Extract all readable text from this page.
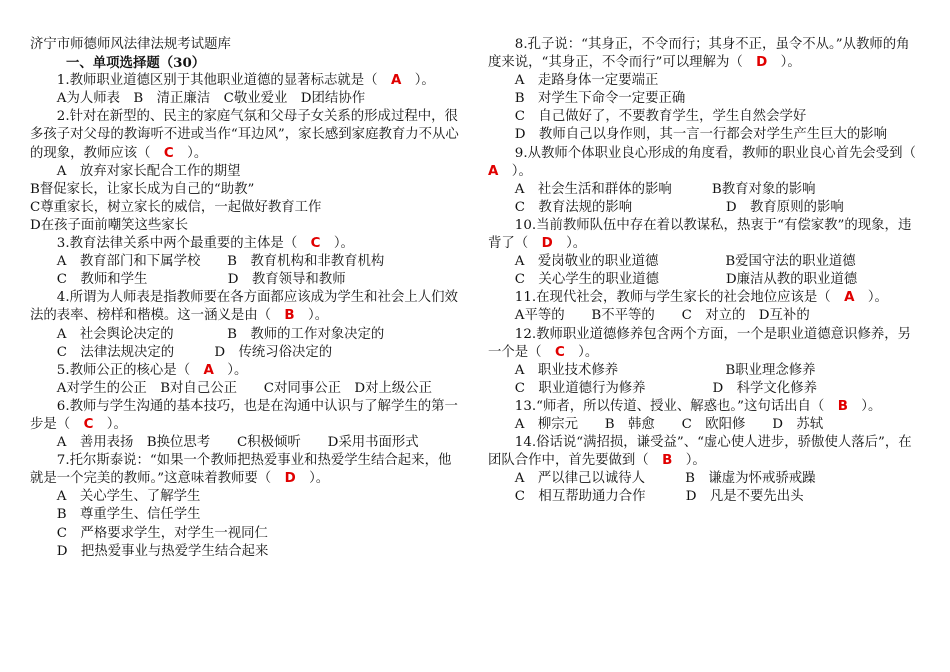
济宁市师德师风法律法规考试题库
一、单项选择题（30）
1.教师职业道德区别于其他职业道德的显著标志就是（　 A　 ）。
A为人师表　B　清正廉洁　C敬业爱业　D团结协作
2.针对在新型的、民主的家庭气氛和父母子女关系的形成过程中，很多孩子对父母的教诲听不进或当作“耳边风”，家长感到家庭教育力不从心的现象，教师应该（　 C　 ）。
A　放弃对家长配合工作的期望
B督促家长，让家长成为自己的“助教”
C尊重家长，树立家长的威信，一起做好教育工作
D在孩子面前嘲笑这些家长
3.教育法律关系中两个最重要的主体是（　 C　 ）。
A　教育部门和下属学校　　B　教育机构和非教育机构
C　教师和学生　　　　　　D　教育领导和教师
4.所谓为人师表是指教师要在各方面都应该成为学生和社会上人们效法的表率、榜样和楷模。这一涵义是由（　 B　 ）。
A　社会舆论决定的　　　　B　教师的工作对象决定的
C　法律法规决定的　　　D　传统习俗决定的
5.教师公正的核心是（　 A　 ）。
A对学生的公正　B对自己公正　　C对同事公正　D对上级公正
6.教师与学生沟通的基本技巧，也是在沟通中认识与了解学生的第一步是（　 C　 ）。
A　善用表扬　B换位思考　　C积极倾听　　D采用书面形式
7.托尔斯泰说：“如果一个教师把热爱事业和热爱学生结合起来，他就是一个完美的教师。”这意味着教师要（　 D　 ）。
A　关心学生、了解学生
B　尊重学生、信任学生
C　严格要求学生，对学生一视同仁
D　把热爱事业与热爱学生结合起来
8.孔子说：“其身正，不令而行；其身不正，虽令不从。”从教师的角度来说，“其身正，不令而行”可以理解为（　 D　 ）。
A　走路身体一定要端正
B　对学生下命令一定要正确
C　自己做好了，不要教育学生，学生自然会学好
D　教师自己以身作则，其一言一行都会对学生产生巨大的影响
9.从教师个体职业良心形成的角度看，教师的职业良心首先会受到（　A　 ）。
A　社会生活和群体的影响　　　B教育对象的影响
C　教育法规的影响　　　　　　　D　教育原则的影响
10.当前教师队伍中存在着以教谋私，热衷于“有偿家教”的现象，违背了（　 D　 ）。
A　爱岗敬业的职业道德　　　　　B爱国守法的职业道德
C　关心学生的职业道德　　　　　D廉洁从教的职业道德
11.在现代社会，教师与学生家长的社会地位应该是（　 A　 ）。
A平等的　　B不平等的　　C　对立的　D互补的
12.教师职业道德修养包含两个方面，一个是职业道德意识修养，另一个是（　 C　 ）。
A　职业技术修养　　　　　　　　B职业理念修养
C　职业道德行为修养　　　　　D　科学文化修养
13.“师者，所以传道、授业、解惑也。”这句话出自（　 B　 ）。
A　柳宗元　　B　韩愈　　C　欧阳修　　D　苏轼
14.俗话说“满招损，谦受益”、“虚心使人进步，骄傲使人落后”，在团队合作中，首先要做到（　 B　 ）。
A　严以律己以诚待人　　　B　谦虚为怀戒骄戒躁
C　相互帮助通力合作　　　D　凡是不要先出头
